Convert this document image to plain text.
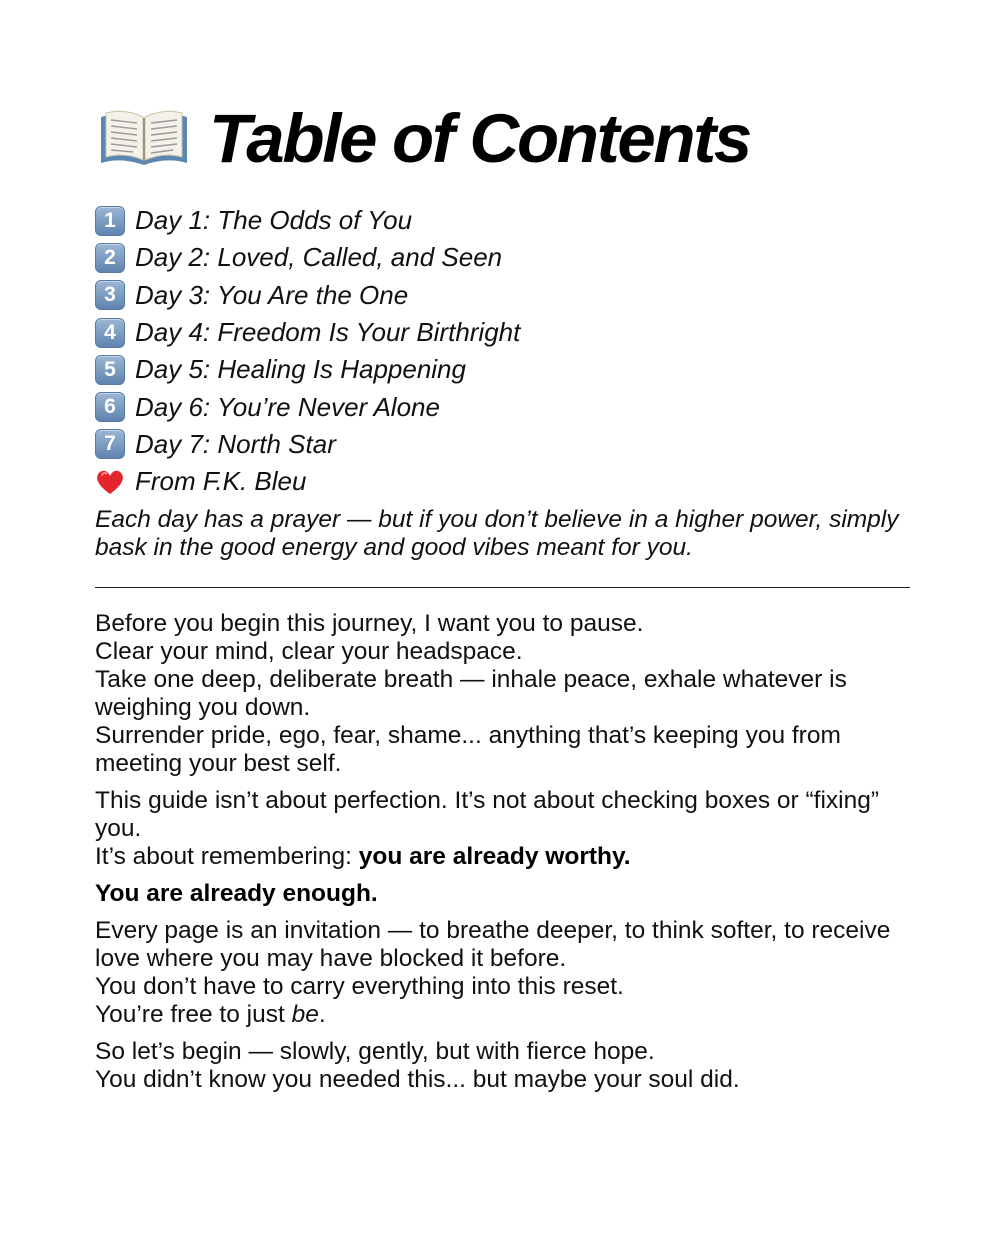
Table of Contents
1 Day 1: The Odds of You
2 Day 2: Loved, Called, and Seen
3 Day 3: You Are the One
4 Day 4: Freedom Is Your Birthright
5 Day 5: Healing Is Happening
6 Day 6: You’re Never Alone
7 Day 7: North Star
From F.K. Bleu
Each day has a prayer — but if you don’t believe in a higher power, simply bask in the good energy and good vibes meant for you.

Before you begin this journey, I want you to pause.
Clear your mind, clear your headspace.
Take one deep, deliberate breath — inhale peace, exhale whatever is weighing you down.
Surrender pride, ego, fear, shame... anything that’s keeping you from meeting your best self.

This guide isn’t about perfection. It’s not about checking boxes or “fixing” you.
It’s about remembering: you are already worthy.

You are already enough.

Every page is an invitation — to breathe deeper, to think softer, to receive love where you may have blocked it before.
You don’t have to carry everything into this reset.
You’re free to just be.

So let’s begin — slowly, gently, but with fierce hope.
You didn’t know you needed this... but maybe your soul did.
